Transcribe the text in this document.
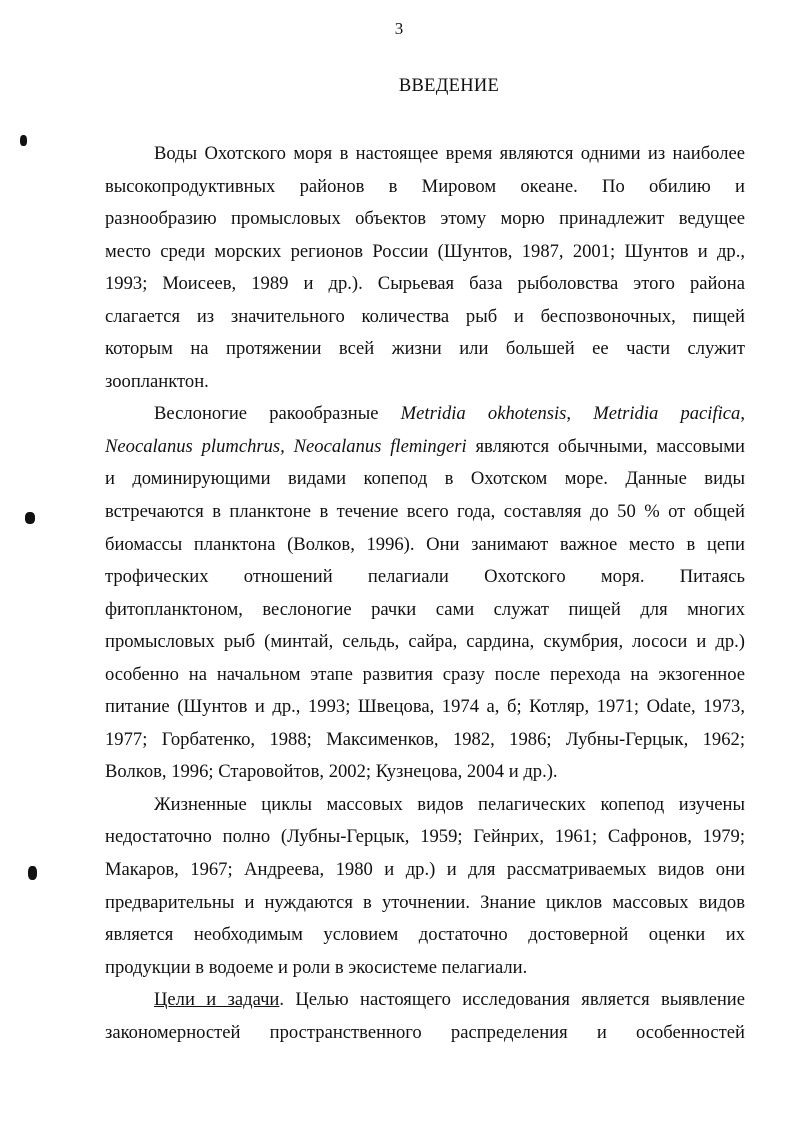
3
ВВЕДЕНИЕ
Воды Охотского моря в настоящее время являются одними из наиболее
высокопродуктивных районов в Мировом океане. По обилию и
разнообразию промысловых объектов этому морю принадлежит ведущее
место среди морских регионов России (Шунтов, 1987, 2001; Шунтов и др.,
1993; Моисеев, 1989 и др.). Сырьевая база рыболовства этого района
слагается из значительного количества рыб и беспозвоночных, пищей
которым на протяжении всей жизни или большей ее части служит
зоопланктон.
Веслоногие ракообразные Metridia okhotensis, Metridia pacifica,
Neocalanus plumchrus, Neocalanus flemingeri являются обычными, массовыми
и доминирующими видами копепод в Охотском море. Данные виды
встречаются в планктоне в течение всего года, составляя до 50 % от общей
биомассы планктона (Волков, 1996). Они занимают важное место в цепи
трофических отношений пелагиали Охотского моря. Питаясь
фитопланктоном, веслоногие рачки сами служат пищей для многих
промысловых рыб (минтай, сельдь, сайра, сардина, скумбрия, лососи и др.)
особенно на начальном этапе развития сразу после перехода на экзогенное
питание (Шунтов и др., 1993; Швецова, 1974 а, б; Котляр, 1971; Odate, 1973,
1977; Горбатенко, 1988; Максименков, 1982, 1986; Лубны-Герцык, 1962;
Волков, 1996; Старовойтов, 2002; Кузнецова, 2004 и др.).
Жизненные циклы массовых видов пелагических копепод изучены
недостаточно полно (Лубны-Герцык, 1959; Гейнрих, 1961; Сафронов, 1979;
Макаров, 1967; Андреева, 1980 и др.) и для рассматриваемых видов они
предварительны и нуждаются в уточнении. Знание циклов массовых видов
является необходимым условием достаточно достоверной оценки их
продукции в водоеме и роли в экосистеме пелагиали.
Цели и задачи. Целью настоящего исследования является выявление
закономерностей пространственного распределения и особенностей
